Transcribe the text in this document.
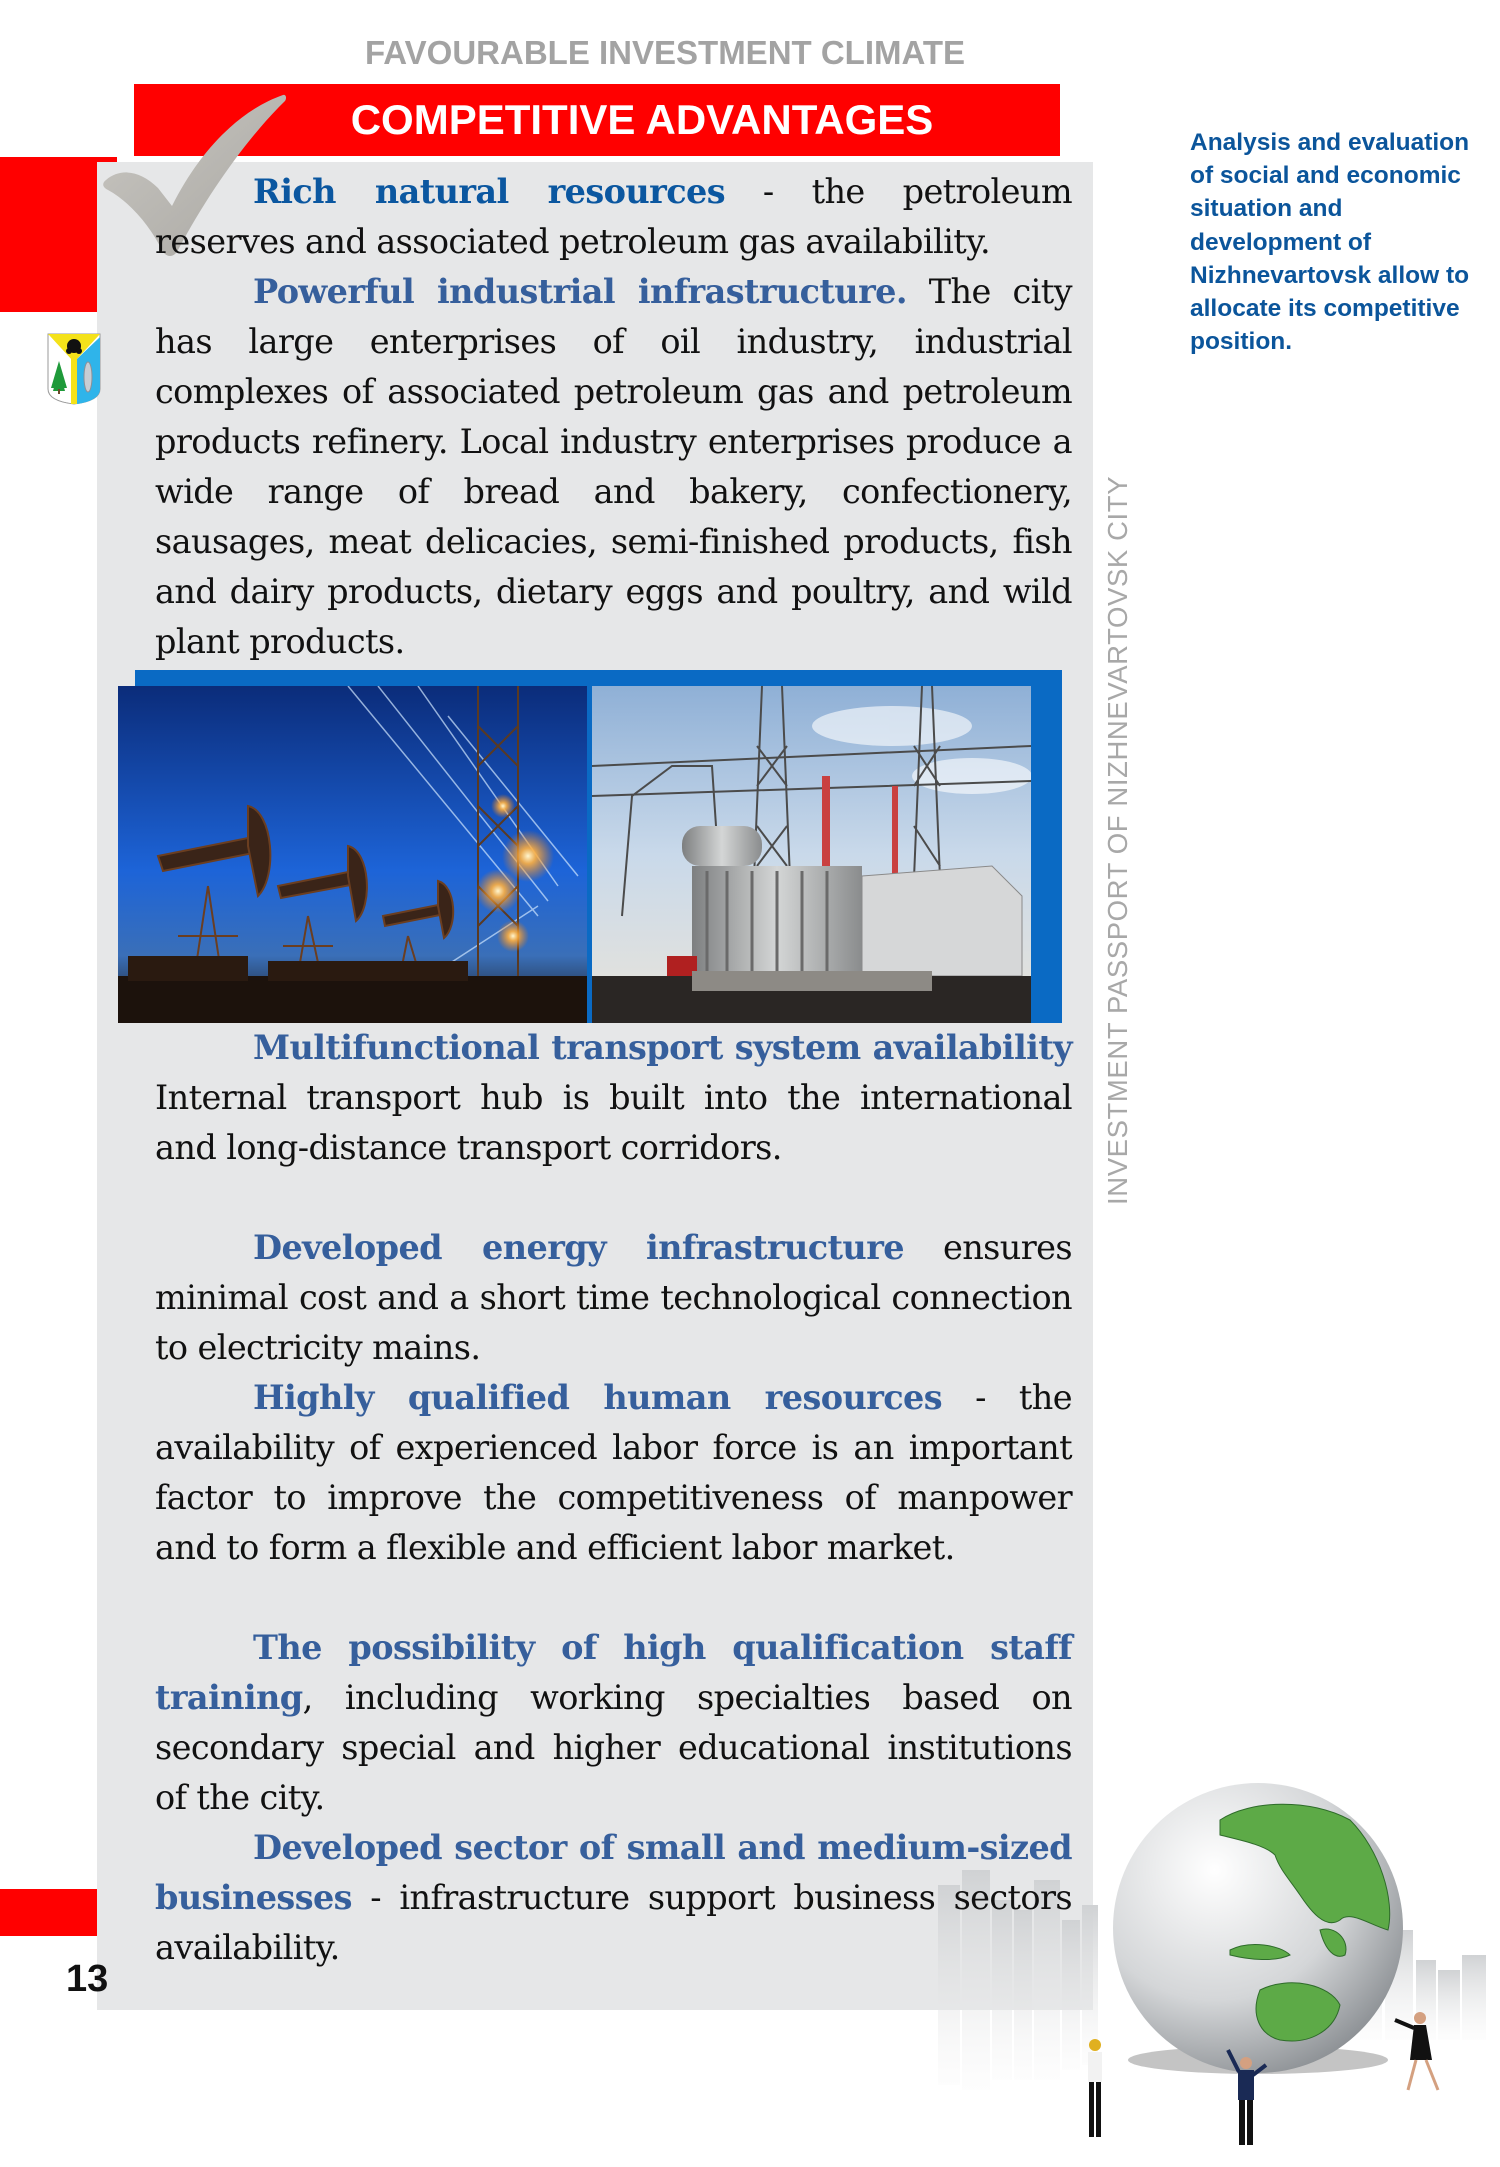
FAVOURABLE INVESTMENT CLIMATE
COMPETITIVE ADVANTAGES
Rich natural resources - the petroleum reserves and associated petroleum gas availability.
Powerful industrial infrastructure. The city has large enterprises of oil industry, industrial complexes of associated petroleum gas and petroleum products refinery. Local industry enterprises produce a wide range of bread and bakery, confectionery, sausages, meat delicacies, semi-finished products, fish and dairy products, dietary eggs and poultry, and wild plant products.
Multifunctional transport system availability Internal transport hub is built into the international and long-distance transport corridors.
Developed energy infrastructure ensures minimal cost and a short time technological connection to electricity mains.
Highly qualified human resources - the availability of experienced labor force is an important factor to improve the competitiveness of manpower and to form a flexible and efficient labor market.
The possibility of high qualification staff training, including working specialties based on secondary special and higher educational institutions of the city.
Developed sector of small and medium-sized businesses - infrastructure support business sectors availability.
13
INVESTMENT PASSPORT OF NIZHNEVARTOVSK CITY
Analysis and evaluation of social and economic situation and development of Nizhnevartovsk allow to allocate its competitive position.
